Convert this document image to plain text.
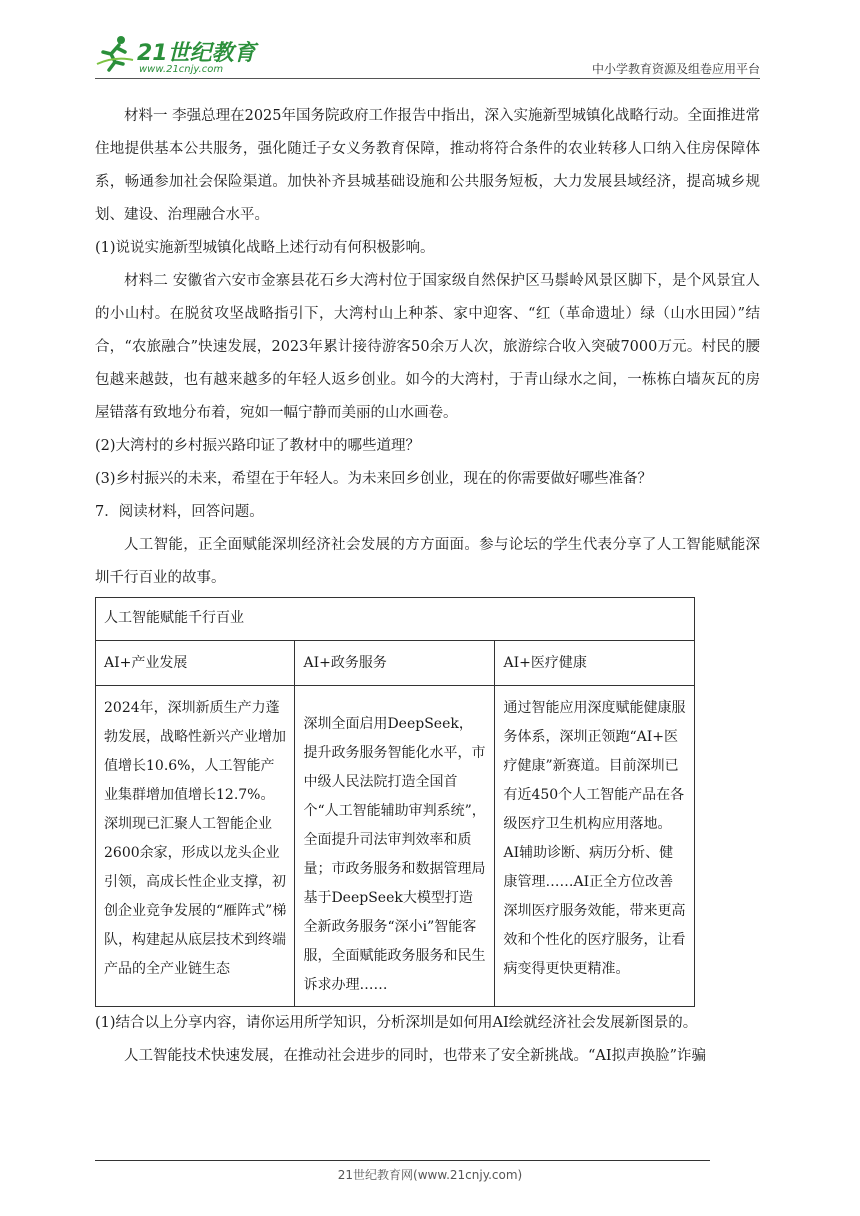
21世纪教育
www.21cnjy.com	中小学教育资源及组卷应用平台

材料一 李强总理在2025年国务院政府工作报告中指出，深入实施新型城镇化战略行动。全面推进常住地提供基本公共服务，强化随迁子女义务教育保障，推动将符合条件的农业转移人口纳入住房保障体系，畅通参加社会保险渠道。加快补齐县城基础设施和公共服务短板，大力发展县域经济，提高城乡规划、建设、治理融合水平。

(1)说说实施新型城镇化战略上述行动有何积极影响。

材料二 安徽省六安市金寨县花石乡大湾村位于国家级自然保护区马鬃岭风景区脚下，是个风景宜人的小山村。在脱贫攻坚战略指引下，大湾村山上种茶、家中迎客、“红（革命遗址）绿（山水田园）”结合，“农旅融合”快速发展，2023年累计接待游客50余万人次，旅游综合收入突破7000万元。村民的腰包越来越鼓，也有越来越多的年轻人返乡创业。如今的大湾村，于青山绿水之间，一栋栋白墙灰瓦的房屋错落有致地分布着，宛如一幅宁静而美丽的山水画卷。

(2)大湾村的乡村振兴路印证了教材中的哪些道理？

(3)乡村振兴的未来，希望在于年轻人。为未来回乡创业，现在的你需要做好哪些准备？

7．阅读材料，回答问题。

人工智能，正全面赋能深圳经济社会发展的方方面面。参与论坛的学生代表分享了人工智能赋能深圳千行百业的故事。

人工智能赋能千行百业		
AI+产业发展	AI+政务服务	AI+医疗健康
2024年，深圳新质生产力蓬勃发展，战略性新兴产业增加值增长10.6%，人工智能产业集群增加值增长12.7%。深圳现已汇聚人工智能企业2600余家，形成以龙头企业引领，高成长性企业支撑，初创企业竞争发展的“雁阵式”梯队，构建起从底层技术到终端产品的全产业链生态	深圳全面启用DeepSeek，提升政务服务智能化水平，市中级人民法院打造全国首个“人工智能辅助审判系统”，全面提升司法审判效率和质量；市政务服务和数据管理局基于DeepSeek大模型打造全新政务服务“深小i”智能客服，全面赋能政务服务和民生诉求办理……	通过智能应用深度赋能健康服务体系，深圳正领跑“AI+医疗健康”新赛道。目前深圳已有近450个人工智能产品在各级医疗卫生机构应用落地。AI辅助诊断、病历分析、健康管理……AI正全方位改善深圳医疗服务效能，带来更高效和个性化的医疗服务，让看病变得更快更精准。

(1)结合以上分享内容，请你运用所学知识，分析深圳是如何用AI绘就经济社会发展新图景的。

人工智能技术快速发展，在推动社会进步的同时，也带来了安全新挑战。“AI拟声换脸”诈骗

21世纪教育网(www.21cnjy.com)
